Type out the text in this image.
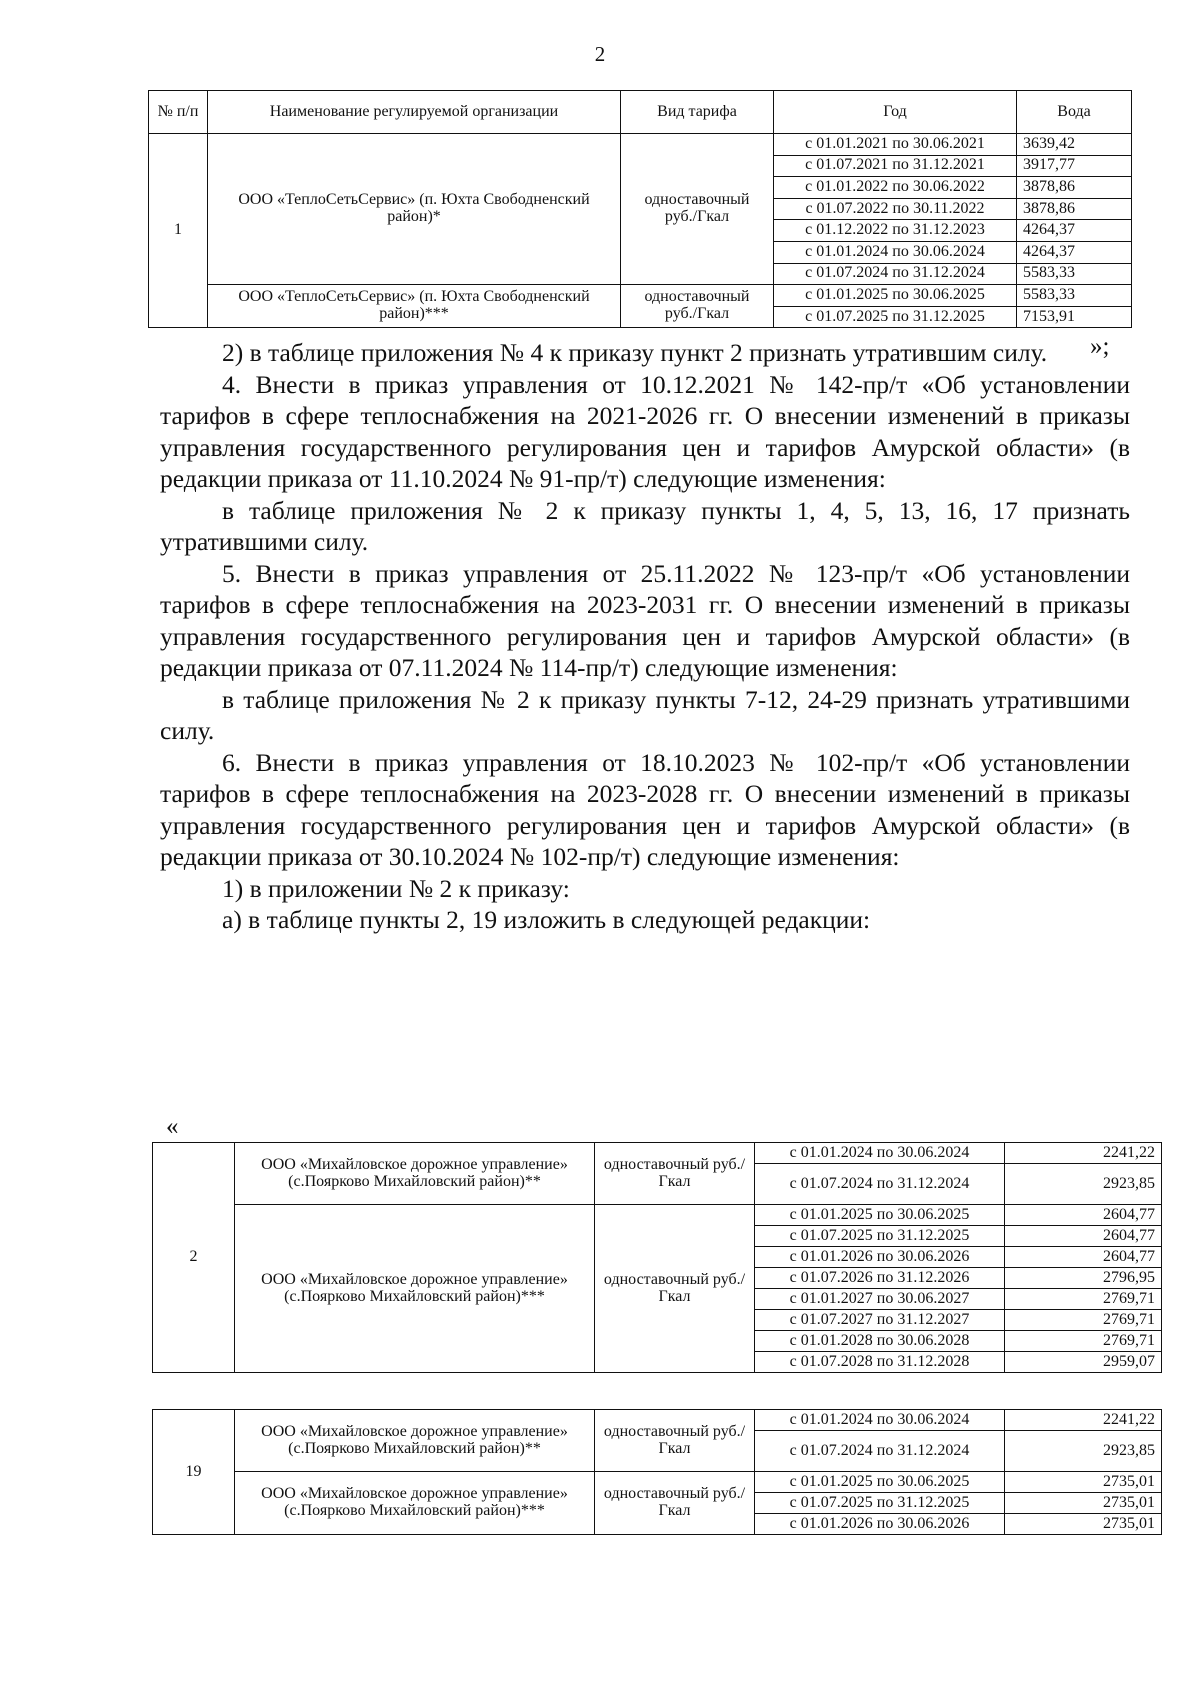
2
№ п/п	Наименование регулируемой организации	Вид тарифа	Год	Вода
1	ООО «ТеплоСетьСервис» (п. Юхта Свободненский район)*	одноставочный руб./Гкал	с 01.01.2021 по 30.06.2021	3639,42
			с 01.07.2021 по 31.12.2021	3917,77
			с 01.01.2022 по 30.06.2022	3878,86
			с 01.07.2022 по 30.11.2022	3878,86
			с 01.12.2022 по 31.12.2023	4264,37
			с 01.01.2024 по 30.06.2024	4264,37
			с 01.07.2024 по 31.12.2024	5583,33
	ООО «ТеплоСетьСервис» (п. Юхта Свободненский район)***	одноставочный руб./Гкал	с 01.01.2025 по 30.06.2025	5583,33
			с 01.07.2025 по 31.12.2025	7153,91
»;

2) в таблице приложения № 4 к приказу пункт 2 признать утратившим силу.

4. Внести в приказ управления от 10.12.2021 № 142-пр/т «Об установлении тарифов в сфере теплоснабжения на 2021-2026 гг. О внесении изменений в приказы управления государственного регулирования цен и тарифов Амурской области» (в редакции приказа от 11.10.2024 № 91-пр/т) следующие изменения:

в таблице приложения № 2 к приказу пункты 1, 4, 5, 13, 16, 17 признать утратившими силу.

5. Внести в приказ управления от 25.11.2022 № 123-пр/т «Об установлении тарифов в сфере теплоснабжения на 2023-2031 гг. О внесении изменений в приказы управления государственного регулирования цен и тарифов Амурской области» (в редакции приказа от 07.11.2024 № 114-пр/т) следующие изменения:

в таблице приложения № 2 к приказу пункты 7-12, 24-29 признать утратившими силу.

6. Внести в приказ управления от 18.10.2023 № 102-пр/т «Об установлении тарифов в сфере теплоснабжения на 2023-2028 гг. О внесении изменений в приказы управления государственного регулирования цен и тарифов Амурской области» (в редакции приказа от 30.10.2024 № 102-пр/т) следующие изменения:

1) в приложении № 2 к приказу:

а) в таблице пункты 2, 19 изложить в следующей редакции:

«
2	ООО «Михайловское дорожное управление» (с.Поярково Михайловский район)**	одноставочный руб./Гкал	с 01.01.2024 по 30.06.2024	2241,22
			с 01.07.2024 по 31.12.2024	2923,85
	ООО «Михайловское дорожное управление» (с.Поярково Михайловский район)***	одноставочный руб./Гкал	с 01.01.2025 по 30.06.2025	2604,77
			с 01.07.2025 по 31.12.2025	2604,77
			с 01.01.2026 по 30.06.2026	2604,77
			с 01.07.2026 по 31.12.2026	2796,95
			с 01.01.2027 по 30.06.2027	2769,71
			с 01.07.2027 по 31.12.2027	2769,71
			с 01.01.2028 по 30.06.2028	2769,71
			с 01.07.2028 по 31.12.2028	2959,07
19	ООО «Михайловское дорожное управление» (с.Поярково Михайловский район)**	одноставочный руб./Гкал	с 01.01.2024 по 30.06.2024	2241,22
			с 01.07.2024 по 31.12.2024	2923,85
	ООО «Михайловское дорожное управление» (с.Поярково Михайловский район)***	одноставочный руб./Гкал	с 01.01.2025 по 30.06.2025	2735,01
			с 01.07.2025 по 31.12.2025	2735,01
			с 01.01.2026 по 30.06.2026	2735,01
